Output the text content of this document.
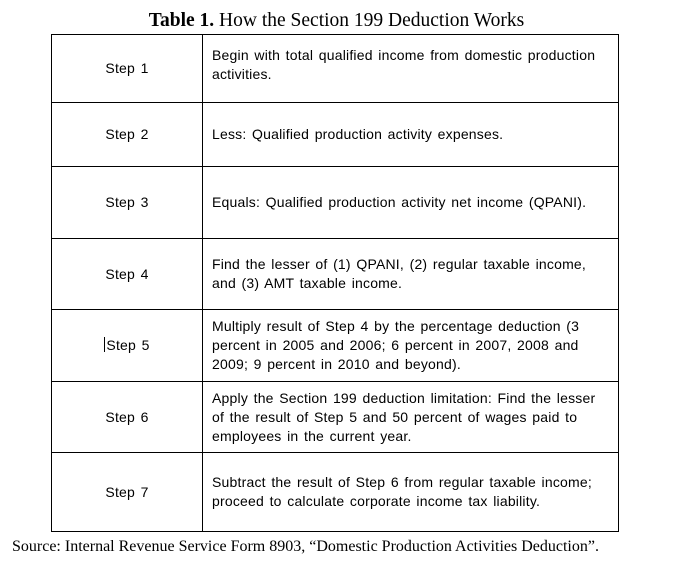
Table 1. How the Section 199 Deduction Works
Step 1	Begin with total qualified income from domestic production activities.
Step 2	Less: Qualified production activity expenses.
Step 3	Equals: Qualified production activity net income (QPANI).
Step 4	Find the lesser of (1) QPANI, (2) regular taxable income, and (3) AMT taxable income.
Step 5	Multiply result of Step 4 by the percentage deduction (3 percent in 2005 and 2006; 6 percent in 2007, 2008 and 2009; 9 percent in 2010 and beyond).
Step 6	Apply the Section 199 deduction limitation: Find the lesser of the result of Step 5 and 50 percent of wages paid to employees in the current year.
Step 7	Subtract the result of Step 6 from regular taxable income; proceed to calculate corporate income tax liability.
Source: Internal Revenue Service Form 8903, “Domestic Production Activities Deduction”.
